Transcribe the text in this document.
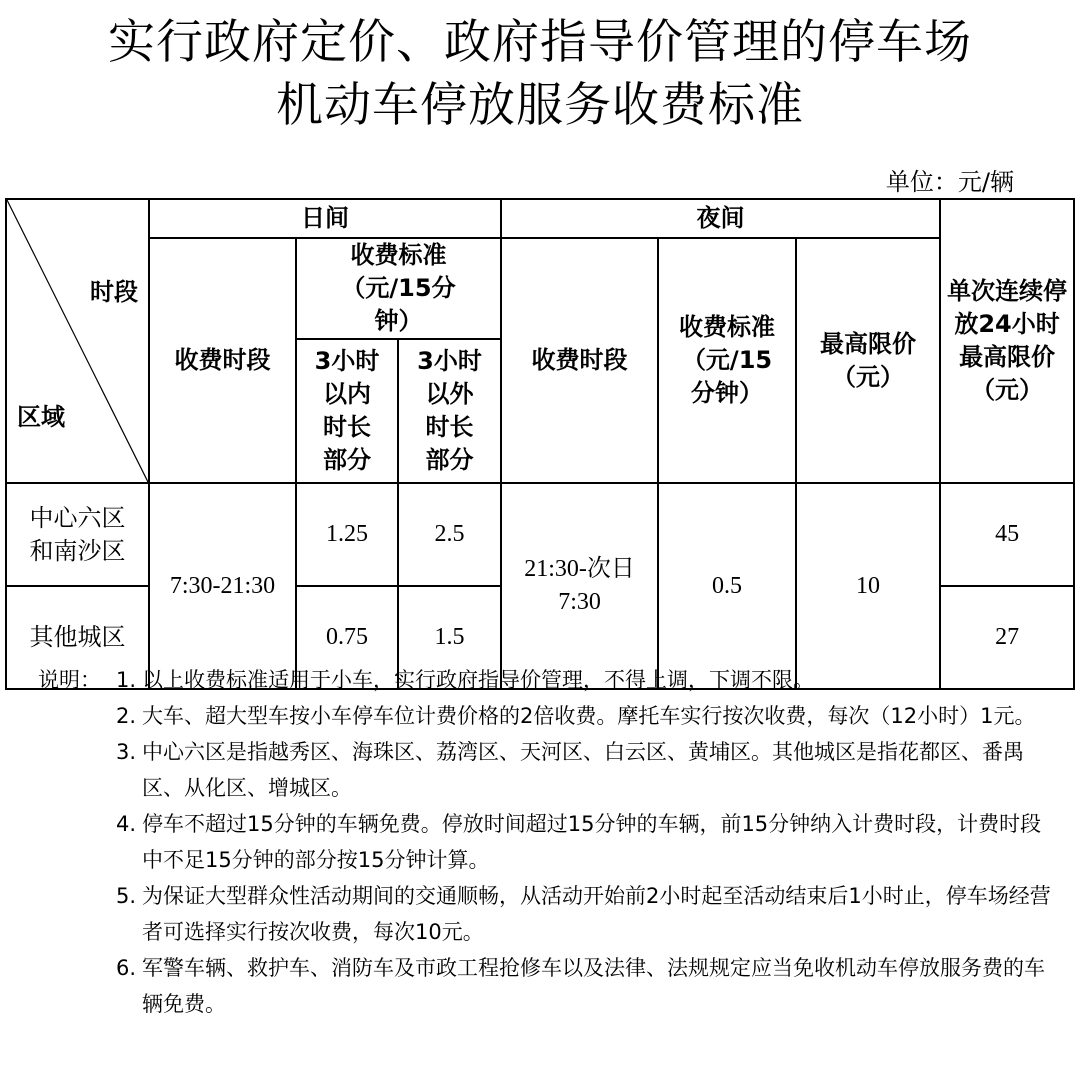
实行政府定价、政府指导价管理的停车场
机动车停放服务收费标准
单位：元/辆
时段
区域	日间			夜间			单次连续停放24小时最高限价（元）

	收费时段	收费标准（元/15分钟）		收费时段	收费标准（元/15分钟）	最高限价（元）	

		3小时以内时长部分	3小时以外时长部分				

中心六区和南沙区	7:30-21:30	1.25	2.5	21:30-次日7:30	0.5	10	45
其他城区		0.75	1.5				27
说明： 1. 以上收费标准适用于小车，实行政府指导价管理，不得上调，下调不限。
2. 大车、超大型车按小车停车位计费价格的2倍收费。摩托车实行按次收费，每次（12小时）1元。
3. 中心六区是指越秀区、海珠区、荔湾区、天河区、白云区、黄埔区。其他城区是指花都区、番禺区、从化区、增城区。
4. 停车不超过15分钟的车辆免费。停放时间超过15分钟的车辆，前15分钟纳入计费时段，计费时段中不足15分钟的部分按15分钟计算。
5. 为保证大型群众性活动期间的交通顺畅，从活动开始前2小时起至活动结束后1小时止，停车场经营者可选择实行按次收费，每次10元。
6. 军警车辆、救护车、消防车及市政工程抢修车以及法律、法规规定应当免收机动车停放服务费的车辆免费。
